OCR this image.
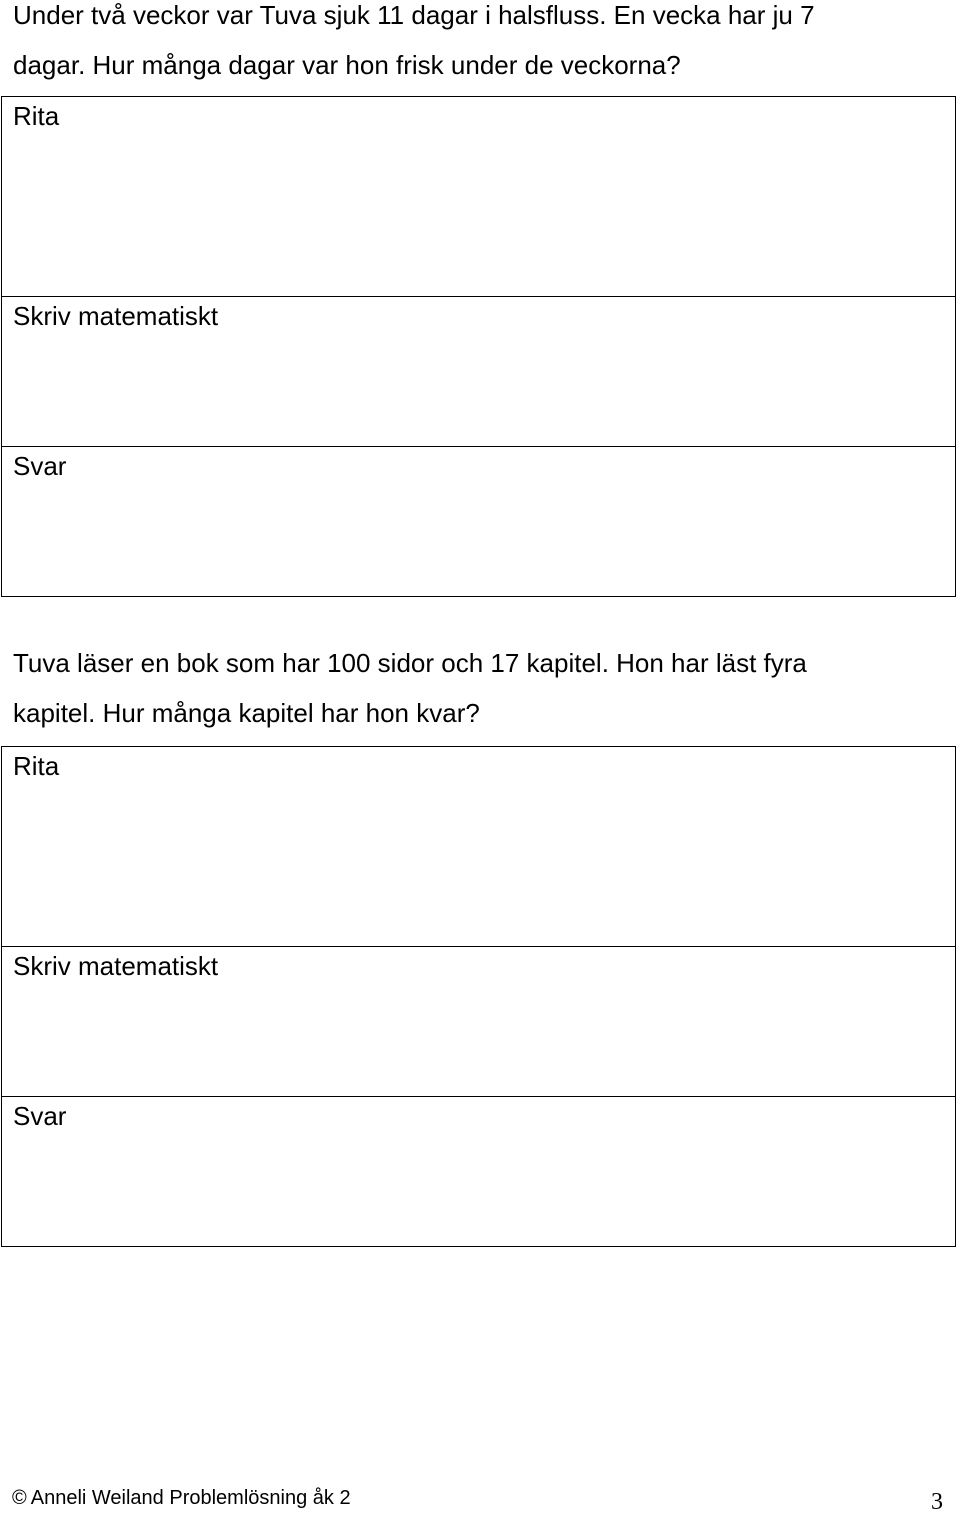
Under två veckor var Tuva sjuk 11 dagar i halsfluss. En vecka har ju 7
dagar. Hur många dagar var hon frisk under de veckorna?

Rita

Skriv matematiskt

Svar

Tuva läser en bok som har 100 sidor och 17 kapitel. Hon har läst fyra
kapitel. Hur många kapitel har hon kvar?

Rita

Skriv matematiskt

Svar
© Anneli Weiland Problemlösning åk 2	3
